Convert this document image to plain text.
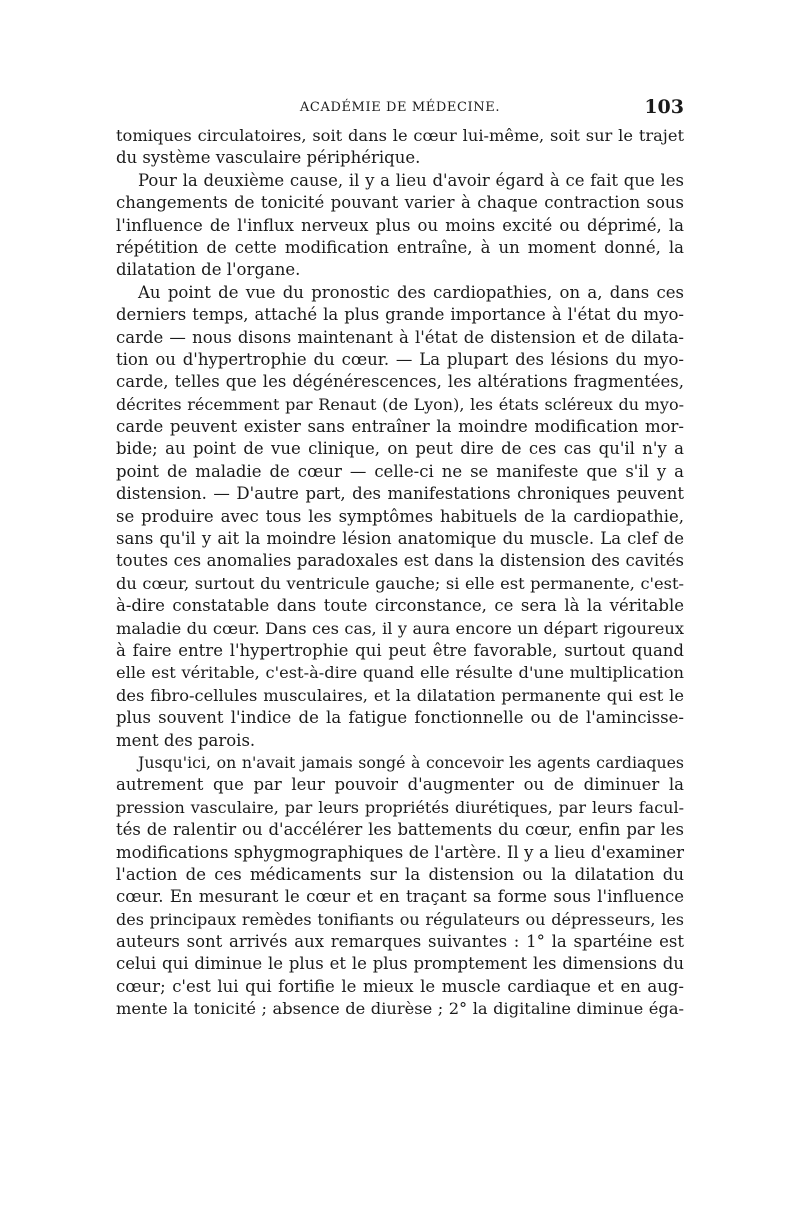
ACADÉMIE DE MÉDECINE.	103
tomiques circulatoires, soit dans le cœur lui-même, soit sur le trajet
du système vasculaire périphérique.
Pour la deuxième cause, il y a lieu d'avoir égard à ce fait que les
changements de tonicité pouvant varier à chaque contraction sous
l'influence de l'influx nerveux plus ou moins excité ou déprimé, la
répétition de cette modification entraîne, à un moment donné, la
dilatation de l'organe.
Au point de vue du pronostic des cardiopathies, on a, dans ces
derniers temps, attaché la plus grande importance à l'état du myo-
carde — nous disons maintenant à l'état de distension et de dilata-
tion ou d'hypertrophie du cœur. — La plupart des lésions du myo-
carde, telles que les dégénérescences, les altérations fragmentées,
décrites récemment par Renaut (de Lyon), les états scléreux du myo-
carde peuvent exister sans entraîner la moindre modification mor-
bide; au point de vue clinique, on peut dire de ces cas qu'il n'y a
point de maladie de cœur — celle-ci ne se manifeste que s'il y a
distension. — D'autre part, des manifestations chroniques peuvent
se produire avec tous les symptômes habituels de la cardiopathie,
sans qu'il y ait la moindre lésion anatomique du muscle. La clef de
toutes ces anomalies paradoxales est dans la distension des cavités
du cœur, surtout du ventricule gauche; si elle est permanente, c'est-
à-dire constatable dans toute circonstance, ce sera là la véritable
maladie du cœur. Dans ces cas, il y aura encore un départ rigoureux
à faire entre l'hypertrophie qui peut être favorable, surtout quand
elle est véritable, c'est-à-dire quand elle résulte d'une multiplication
des fibro-cellules musculaires, et la dilatation permanente qui est le
plus souvent l'indice de la fatigue fonctionnelle ou de l'amincisse-
ment des parois.
Jusqu'ici, on n'avait jamais songé à concevoir les agents cardiaques
autrement que par leur pouvoir d'augmenter ou de diminuer la
pression vasculaire, par leurs propriétés diurétiques, par leurs facul-
tés de ralentir ou d'accélérer les battements du cœur, enfin par les
modifications sphygmographiques de l'artère. Il y a lieu d'examiner
l'action de ces médicaments sur la distension ou la dilatation du
cœur. En mesurant le cœur et en traçant sa forme sous l'influence
des principaux remèdes tonifiants ou régulateurs ou dépresseurs, les
auteurs sont arrivés aux remarques suivantes : 1° la spartéine est
celui qui diminue le plus et le plus promptement les dimensions du
cœur; c'est lui qui fortifie le mieux le muscle cardiaque et en aug-
mente la tonicité ; absence de diurèse ; 2° la digitaline diminue éga-
